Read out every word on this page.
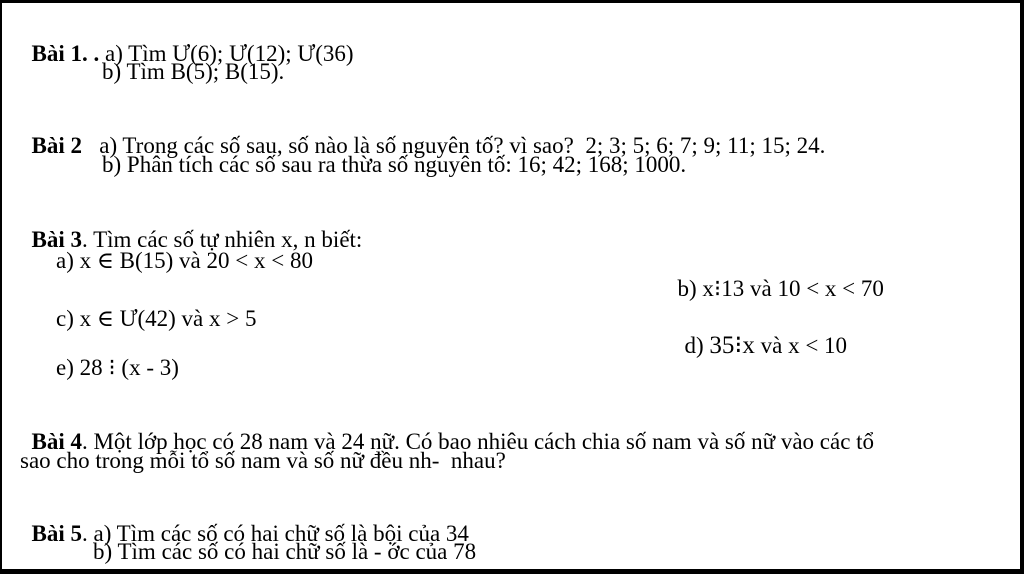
Bài 1. . a) Tìm Ư(6); Ư(12); Ư(36)

b) Tìm B(5); B(15).

Bài 2   a) Trong các số sau, số nào là số nguyên tố? vì sao?  2; 3; 5; 6; 7; 9; 11; 15; 24.

b) Phân tích các số sau ra thừa số nguyên tố: 16; 42; 168; 1000.

Bài 3. Tìm các số tự nhiên x, n biết:

a) x ∈ B(15) và 20 < x < 80

b) x⁝13 và 10 < x < 70

c) x ∈ Ư(42) và x > 5

d) 35⁝x và x < 10

e) 28 ⁝ (x - 3)

Bài 4. Một lớp học có 28 nam và 24 nữ. Có bao nhiêu cách chia số nam và số nữ vào các tổ

sao cho trong mỗi tổ số nam và số nữ đều nh-  nhau?

Bài 5. a) Tìm các số có hai chữ số là bội của 34

b) Tìm các số có hai chữ số là - ớc của 78
